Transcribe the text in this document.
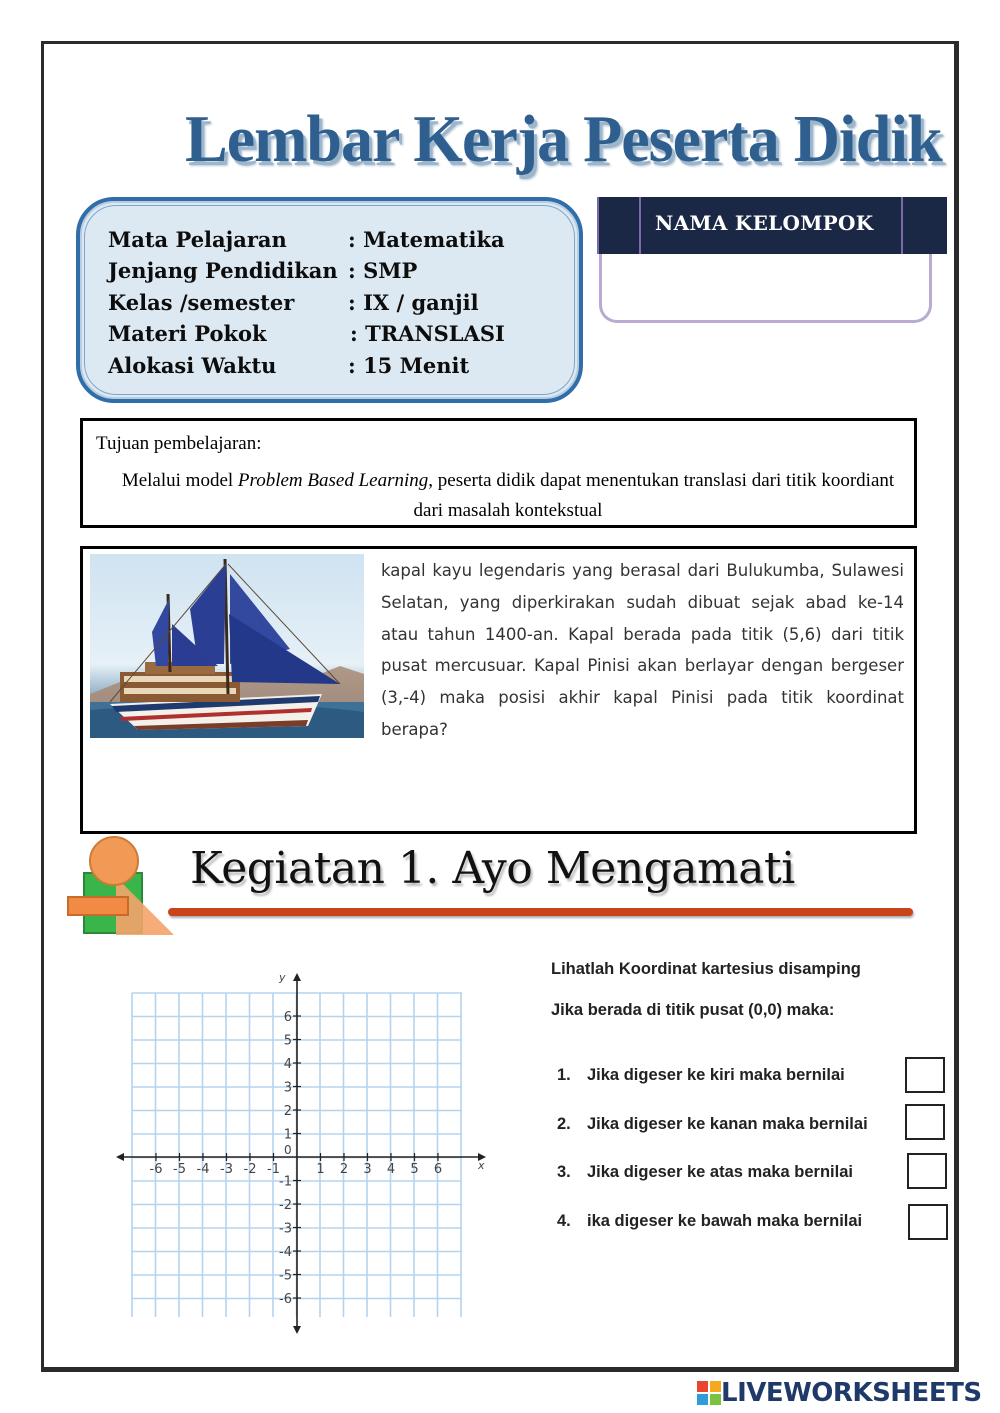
Lembar Kerja Peserta Didik
Mata Pelajaran	: Matematika
Jenjang Pendidikan : SMP
Kelas /semester	: IX / ganjil
Materi Pokok	: TRANSLASI
Alokasi Waktu	: 15 Menit
NAMA KELOMPOK
Tujuan pembelajaran:
Melalui model Problem Based Learning, peserta didik dapat menentukan translasi dari titik koordiant dari masalah kontekstual
kapal kayu legendaris yang berasal dari Bulukumba, Sulawesi Selatan, yang diperkirakan sudah dibuat sejak abad ke-14 atau tahun 1400-an. Kapal berada pada titik (5,6) dari titik pusat mercusuar. Kapal Pinisi akan berlayar dengan bergeser (3,-4) maka posisi akhir kapal Pinisi pada titik koordinat berapa?
Kegiatan 1. Ayo Mengamati
x
y
0
-6 -5 -4 -3 -2 -1	1 2 3 4 5 6
6
5
4
3
2
1
-1
-2
-3
-4
-5
-6
Lihatlah Koordinat kartesius disamping
Jika berada di titik pusat (0,0) maka:
1. Jika digeser ke kiri maka bernilai
2. Jika digeser ke kanan maka bernilai
3. Jika digeser ke atas maka bernilai
4. ika digeser ke bawah maka bernilai
LIVEWORKSHEETS
